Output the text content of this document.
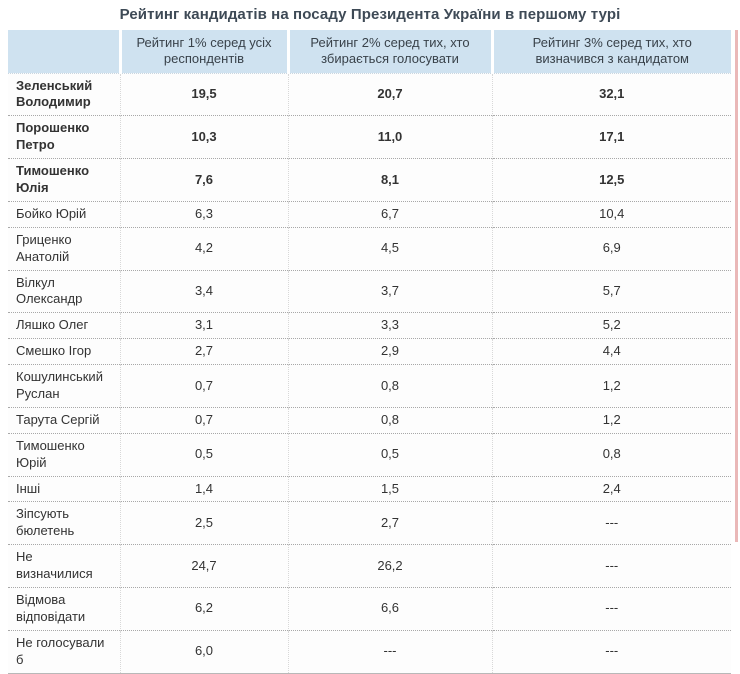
Рейтинг кандидатів на посаду Президента України в першому турі
	Рейтинг 1% серед усіх респондентів	Рейтинг 2% серед тих, хто збирається голосувати	Рейтинг 3% серед тих, хто визначився з кандидатом
Зеленський Володимир	19,5	20,7	32,1
Порошенко Петро	10,3	11,0	17,1
Тимошенко Юлія	7,6	8,1	12,5
Бойко Юрій	6,3	6,7	10,4
Гриценко Анатолій	4,2	4,5	6,9
Вілкул Олександр	3,4	3,7	5,7
Ляшко Олег	3,1	3,3	5,2
Смешко Ігор	2,7	2,9	4,4
Кошулинський Руслан	0,7	0,8	1,2
Тарута Сергій	0,7	0,8	1,2
Тимошенко Юрій	0,5	0,5	0,8
Інші	1,4	1,5	2,4
Зіпсують бюлетень	2,5	2,7	---
Не визначилися	24,7	26,2	---
Відмова відповідати	6,2	6,6	---
Не голосували б	6,0	---	---
